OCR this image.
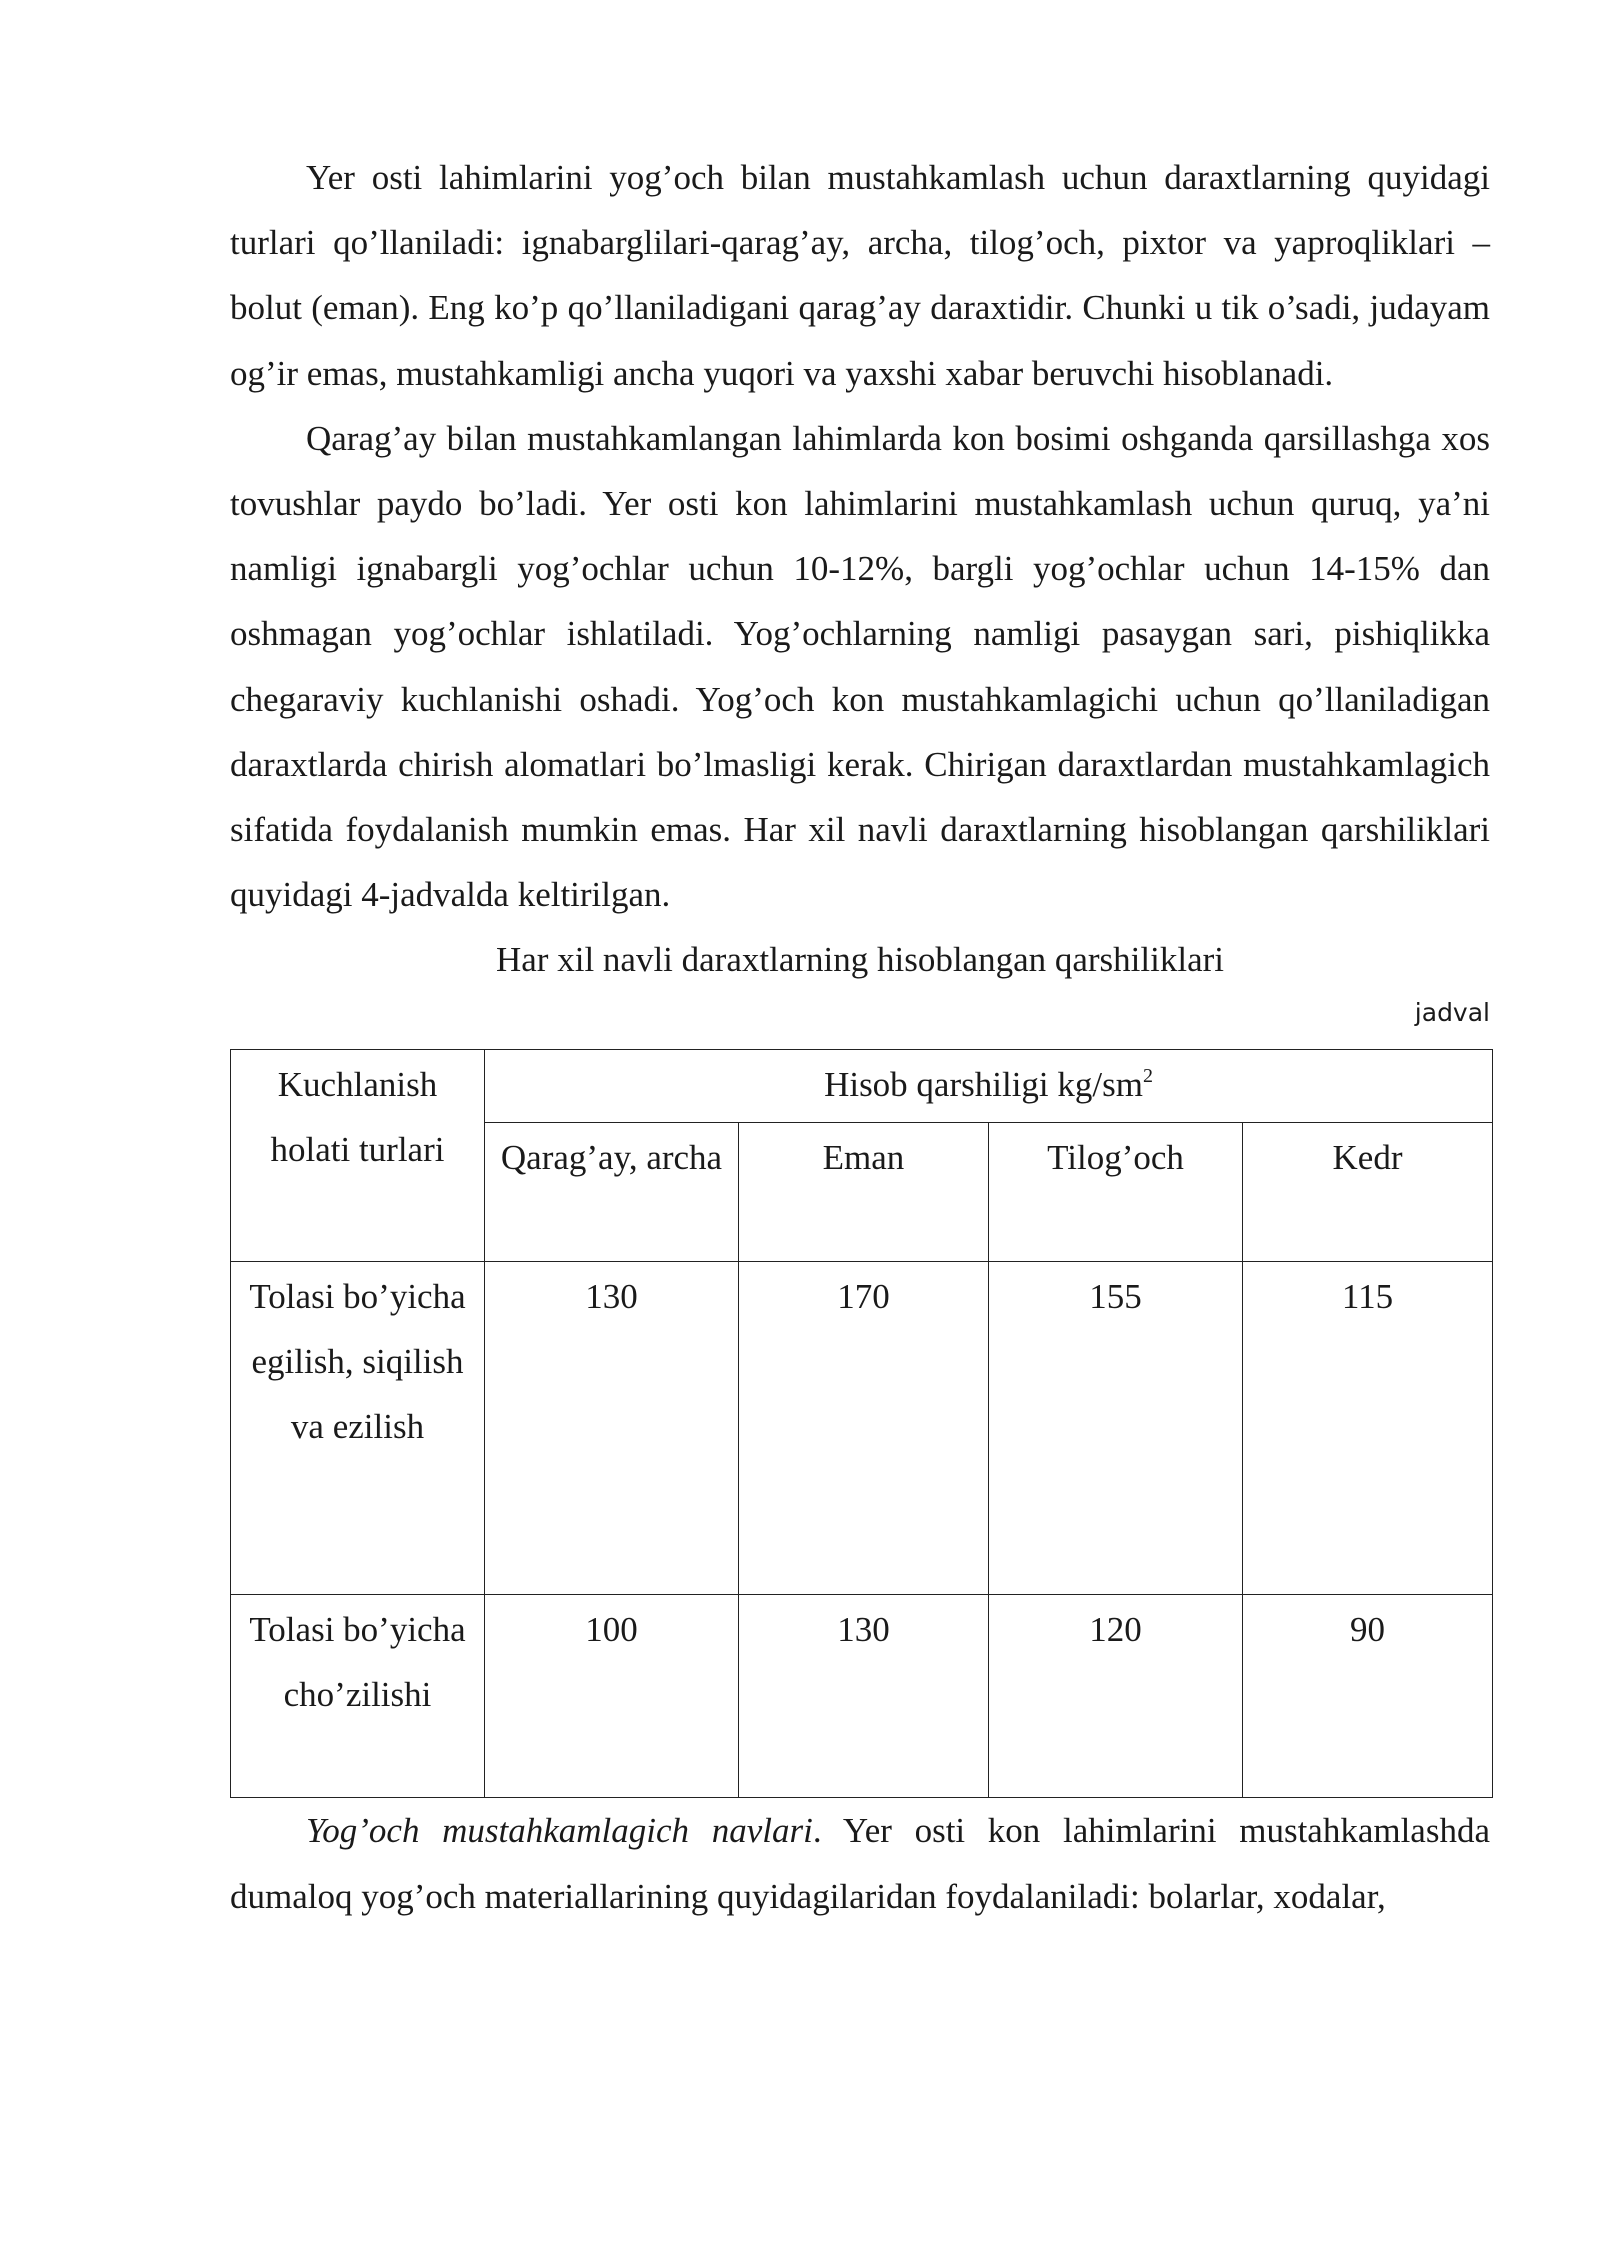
Yer osti lahimlarini yog’och bilan mustahkamlash uchun daraxtlarning quyidagi turlari qo’llaniladi: ignabarglilari-qarag’ay, archa, tilog’och, pixtor va yaproqliklari –bolut (eman). Eng ko’p qo’llaniladigani qarag’ay daraxtidir. Chunki u tik o’sadi, judayam og’ir emas, mustahkamligi ancha yuqori va yaxshi xabar beruvchi hisoblanadi.

Qarag’ay bilan mustahkamlangan lahimlarda kon bosimi oshganda qarsillashga xos tovushlar paydo bo’ladi. Yer osti kon lahimlarini mustahkamlash uchun quruq, ya’ni namligi ignabargli yog’ochlar uchun 10-12%, bargli yog’ochlar uchun 14-15% dan oshmagan yog’ochlar ishlatiladi. Yog’ochlarning namligi pasaygan sari, pishiqlikka chegaraviy kuchlanishi oshadi. Yog’och kon mustahkamlagichi uchun qo’llaniladigan daraxtlarda chirish alomatlari bo’lmasligi kerak. Chirigan daraxtlardan mustahkamlagich sifatida foydalanish mumkin emas. Har xil navli daraxtlarning hisoblangan qarshiliklari quyidagi 4-jadvalda keltirilgan.

Har xil navli daraxtlarning hisoblangan qarshiliklari

jadval
Kuchlanish holati turlari	Hisob qarshiligi $kg/sm^2$
	Qarag’ay, archa	Eman	Tilog’och	Kedr
Tolasi bo’yicha egilish, siqilish va ezilish	130	170	155	115
Tolasi bo’yicha cho’zilishi	100	130	120	90

Yog’och mustahkamlagich navlari. Yer osti kon lahimlarini mustahkamlashda dumaloq yog’och materiallarining quyidagilaridan foydalaniladi: bolarlar, xodalar,
